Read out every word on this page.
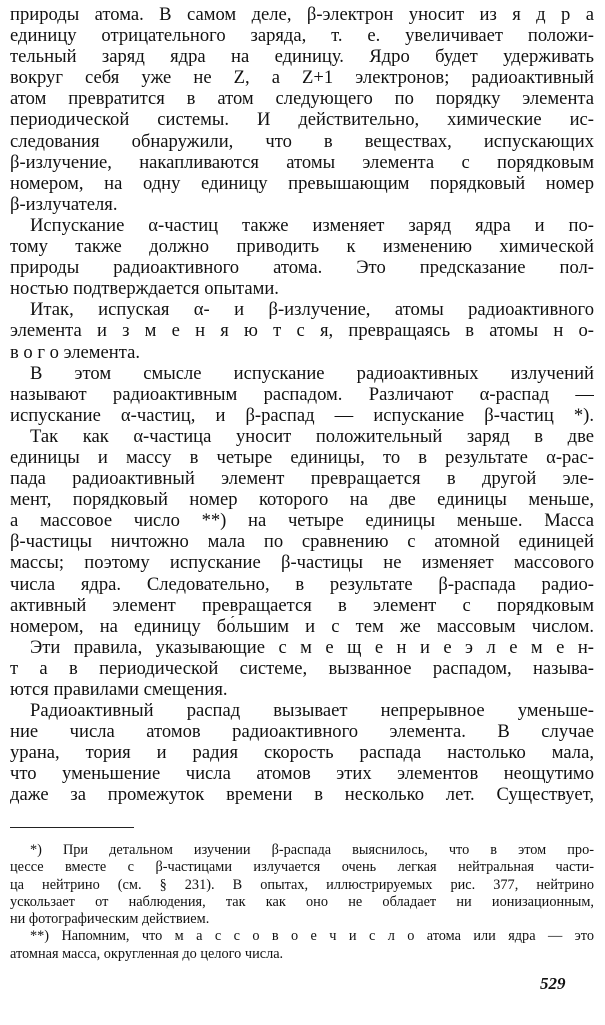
природы атома. В самом деле, β-электрон уносит из я д р а
единицу отрицательного заряда, т. е. увеличивает положи-
тельный заряд ядра на единицу. Ядро будет удерживать
вокруг себя уже не Z, а Z+1 электронов; радиоактивный
атом превратится в атом следующего по порядку элемента
периодической системы. И действительно, химические ис-
следования обнаружили, что в веществах, испускающих
β-излучение, накапливаются атомы элемента с порядковым
номером, на одну единицу превышающим порядковый номер
β-излучателя.
Испускание α-частиц также изменяет заряд ядра и по-
тому также должно приводить к изменению химической
природы радиоактивного атома. Это предсказание пол-
ностью подтверждается опытами.
Итак, испуская α- и β-излучение, атомы радиоактивного
элемента и з м е н я ю т с я, превращаясь в атомы н о-
в о г о элемента.
В этом смысле испускание радиоактивных излучений
называют радиоактивным распадом. Различают α-распад —
испускание α-частиц, и β-распад — испускание β-частиц *).
Так как α-частица уносит положительный заряд в две
единицы и массу в четыре единицы, то в результате α-рас-
пада радиоактивный элемент превращается в другой эле-
мент, порядковый номер которого на две единицы меньше,
а массовое число **) на четыре единицы меньше. Масса
β-частицы ничтожно мала по сравнению с атомной единицей
массы; поэтому испускание β-частицы не изменяет массового
числа ядра. Следовательно, в результате β-распада радио-
активный элемент превращается в элемент с порядковым
номером, на единицу бо́льшим и с тем же массовым числом.
Эти правила, указывающие с м е щ е н и е э л е м е н-
т а в периодической системе, вызванное распадом, называ-
ются правилами смещения.
Радиоактивный распад вызывает непрерывное уменьше-
ние числа атомов радиоактивного элемента. В случае
урана, тория и радия скорость распада настолько мала,
что уменьшение числа атомов этих элементов неощутимо
даже за промежуток времени в несколько лет. Существует,
*) При детальном изучении β-распада выяснилось, что в этом про-
цессе вместе с β-частицами излучается очень легкая нейтральная части-
ца нейтрино (см. § 231). В опытах, иллюстрируемых рис. 377, нейтрино
ускользает от наблюдения, так как оно не обладает ни ионизационным,
ни фотографическим действием.
**) Напомним, что м а с с о в о е ч и с л о атома или ядра — это
атомная масса, округленная до целого числа.
529
